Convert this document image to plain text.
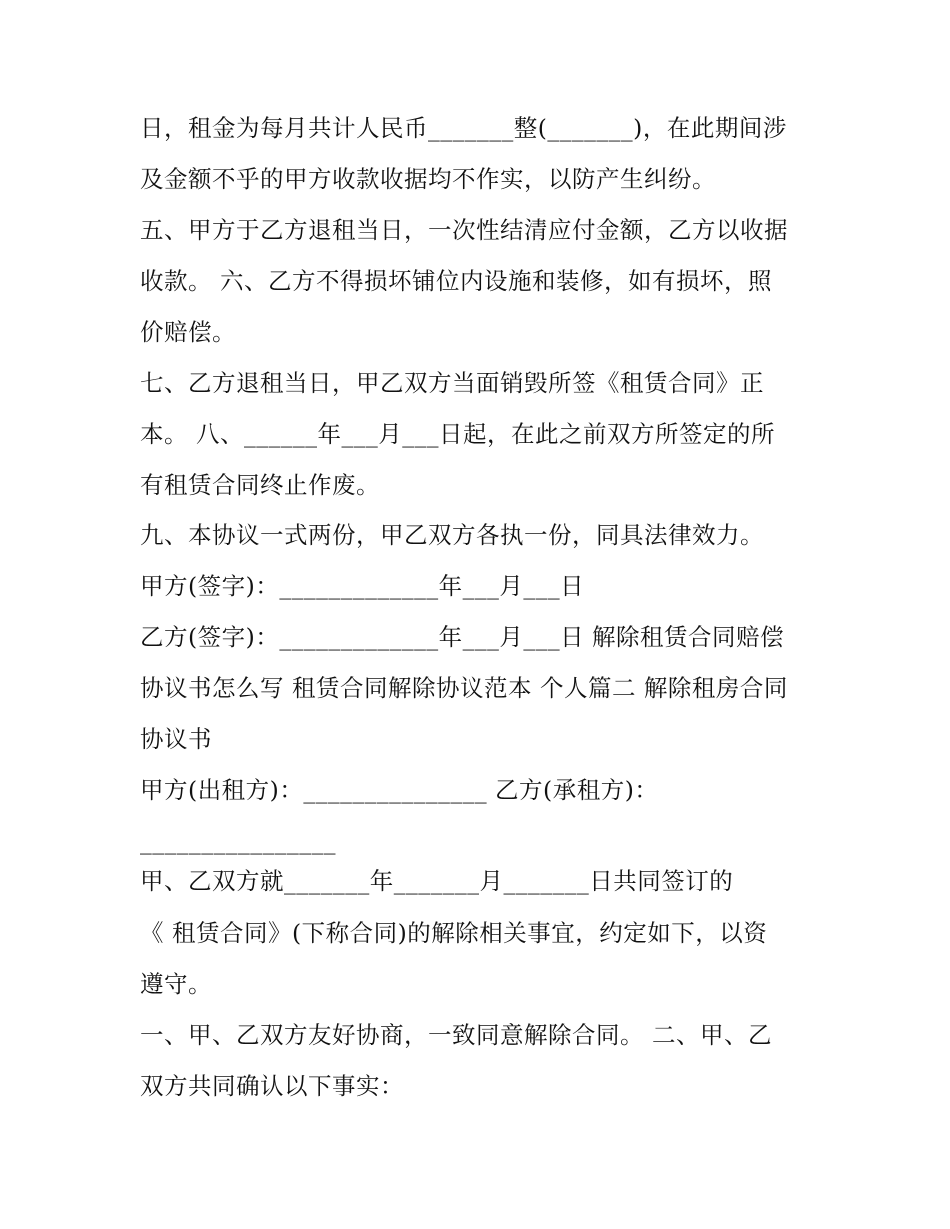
日，租金为每月共计人民币_______整(_______)，在此期间涉
及金额不乎的甲方收款收据均不作实，以防产生纠纷。
五、甲方于乙方退租当日，一次性结清应付金额，乙方以收据
收款。 六、乙方不得损坏铺位内设施和装修，如有损坏，照
价赔偿。
七、乙方退租当日，甲乙双方当面销毁所签《租赁合同》正
本。 八、______年___月___日起，在此之前双方所签定的所
有租赁合同终止作废。
九、本协议一式两份，甲乙双方各执一份，同具法律效力。
甲方(签字)：_____________年___月___日
乙方(签字)：_____________年___月___日 解除租赁合同赔偿
协议书怎么写 租赁合同解除协议范本 个人篇二 解除租房合同
协议书
甲方(出租方)：_______________ 乙方(承租方)：
________________
甲、乙双方就_______年_______月_______日共同签订的
《 租赁合同》(下称合同)的解除相关事宜，约定如下，以资
遵守。
一、甲、乙双方友好协商，一致同意解除合同。 二、甲、乙
双方共同确认以下事实：
